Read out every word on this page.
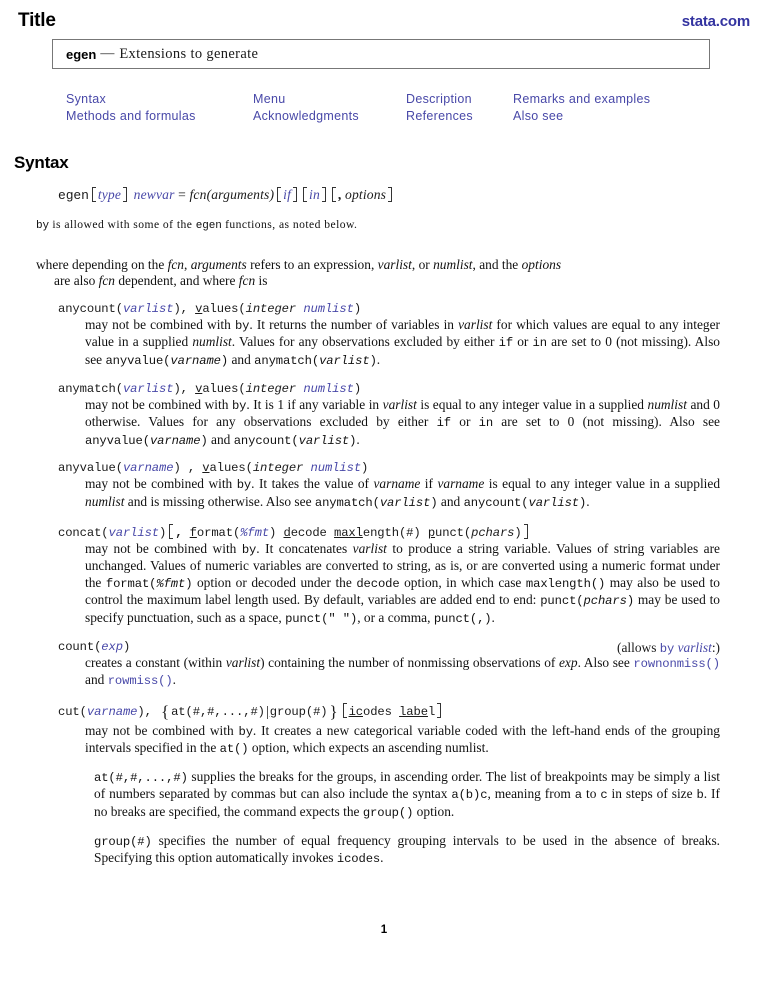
Title	stata.com
egen — Extensions to generate
Syntax	Menu	Description	Remarks and examples
Methods and formulas	Acknowledgments	References	Also see
Syntax
egen type newvar = fcn(arguments) if in , options
by is allowed with some of the egen functions, as noted below.
where depending on the fcn, arguments refers to an expression, varlist, or numlist, and the options
are also fcn dependent, and where fcn is
anycount(varlist), values(integer numlist)
may not be combined with by. It returns the number of variables in varlist for which values are equal to any integer value in a supplied numlist. Values for any observations excluded by either if or in are set to 0 (not missing). Also see anyvalue(varname) and anymatch(varlist).
anymatch(varlist), values(integer numlist)
may not be combined with by. It is 1 if any variable in varlist is equal to any integer value in a supplied numlist and 0 otherwise. Values for any observations excluded by either if or in are set to 0 (not missing). Also see anyvalue(varname) and anycount(varlist).
anyvalue(varname) , values(integer numlist)
may not be combined with by. It takes the value of varname if varname is equal to any integer value in a supplied numlist and is missing otherwise. Also see anymatch(varlist) and anycount(varlist).
concat(varlist) , format(%fmt) decode maxlength(#) punct(pchars)
may not be combined with by. It concatenates varlist to produce a string variable. Values of string variables are unchanged. Values of numeric variables are converted to string, as is, or are converted using a numeric format under the format(%fmt) option or decoded under the decode option, in which case maxlength() may also be used to control the maximum label length used. By default, variables are added end to end: punct(pchars) may be used to specify punctuation, such as a space, punct(" "), or a comma, punct(,).
count(exp)	(allows by varlist:)
creates a constant (within varlist) containing the number of nonmissing observations of exp. Also see rownonmiss() and rowmiss().
cut(varname), { at(#,#,...,#)|group(#) } icodes label
may not be combined with by. It creates a new categorical variable coded with the left-hand ends of the grouping intervals specified in the at() option, which expects an ascending numlist.
at(#,#,...,#) supplies the breaks for the groups, in ascending order. The list of breakpoints may be simply a list of numbers separated by commas but can also include the syntax a(b)c, meaning from a to c in steps of size b. If no breaks are specified, the command expects the group() option.
group(#) specifies the number of equal frequency grouping intervals to be used in the absence of breaks. Specifying this option automatically invokes icodes.
1
